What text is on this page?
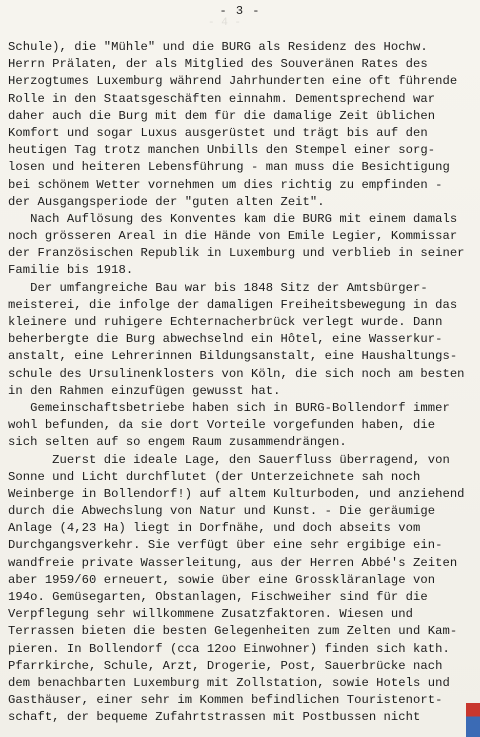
- 3 -
- 4 -
Schule), die "Mühle" und die BURG als Residenz des Hochw.
Herrn Prälaten, der als Mitglied des Souveränen Rates des
Herzogtumes Luxemburg während Jahrhunderten eine oft führende
Rolle in den Staatsgeschäften einnahm. Dementsprechend war
daher auch die Burg mit dem für die damalige Zeit üblichen
Komfort und sogar Luxus ausgerüstet und trägt bis auf den
heutigen Tag trotz manchen Unbills den Stempel einer sorg-
losen und heiteren Lebensführung - man muss die Besichtigung
bei schönem Wetter vornehmen um dies richtig zu empfinden -
der Ausgangsperiode der "guten alten Zeit".
Nach Auflösung des Konventes kam die BURG mit einem damals
noch grösseren Areal in die Hände von Emile Legier, Kommissar
der Französischen Republik in Luxemburg und verblieb in seiner
Familie bis 1918.
Der umfangreiche Bau war bis 1848 Sitz der Amtsbürger-
meisterei, die infolge der damaligen Freiheitsbewegung in das
kleinere und ruhigere Echternacherbrück verlegt wurde. Dann
beherbergte die Burg abwechselnd ein Hôtel, eine Wasserkur-
anstalt, eine Lehrerinnen Bildungsanstalt, eine Haushaltungs-
schule des Ursulinenklosters von Köln, die sich noch am besten
in den Rahmen einzufügen gewusst hat.
Gemeinschaftsbetriebe haben sich in BURG-Bollendorf immer
wohl befunden, da sie dort Vorteile vorgefunden haben, die
sich selten auf so engem Raum zusammendrängen.
Zuerst die ideale Lage, den Sauerfluss überragend, von
Sonne und Licht durchflutet (der Unterzeichnete sah noch
Weinberge in Bollendorf!) auf altem Kulturboden, und anziehend
durch die Abwechslung von Natur und Kunst. - Die geräumige
Anlage (4,23 Ha) liegt in Dorfnähe, und doch abseits vom
Durchgangsverkehr. Sie verfügt über eine sehr ergibige ein-
wandfreie private Wasserleitung, aus der Herren Abbé's Zeiten
aber 1959/60 erneuert, sowie über eine Grosskläranlage von
194o. Gemüsegarten, Obstanlagen, Fischweiher sind für die
Verpflegung sehr willkommene Zusatzfaktoren. Wiesen und
Terrassen bieten die besten Gelegenheiten zum Zelten und Kam-
pieren. In Bollendorf (cca 12oo Einwohner) finden sich kath.
Pfarrkirche, Schule, Arzt, Drogerie, Post, Sauerbrücke nach
dem benachbarten Luxemburg mit Zollstation, sowie Hotels und
Gasthäuser, einer sehr im Kommen befindlichen Touristenort-
schaft, der bequeme Zufahrtstrassen mit Postbussen nicht
